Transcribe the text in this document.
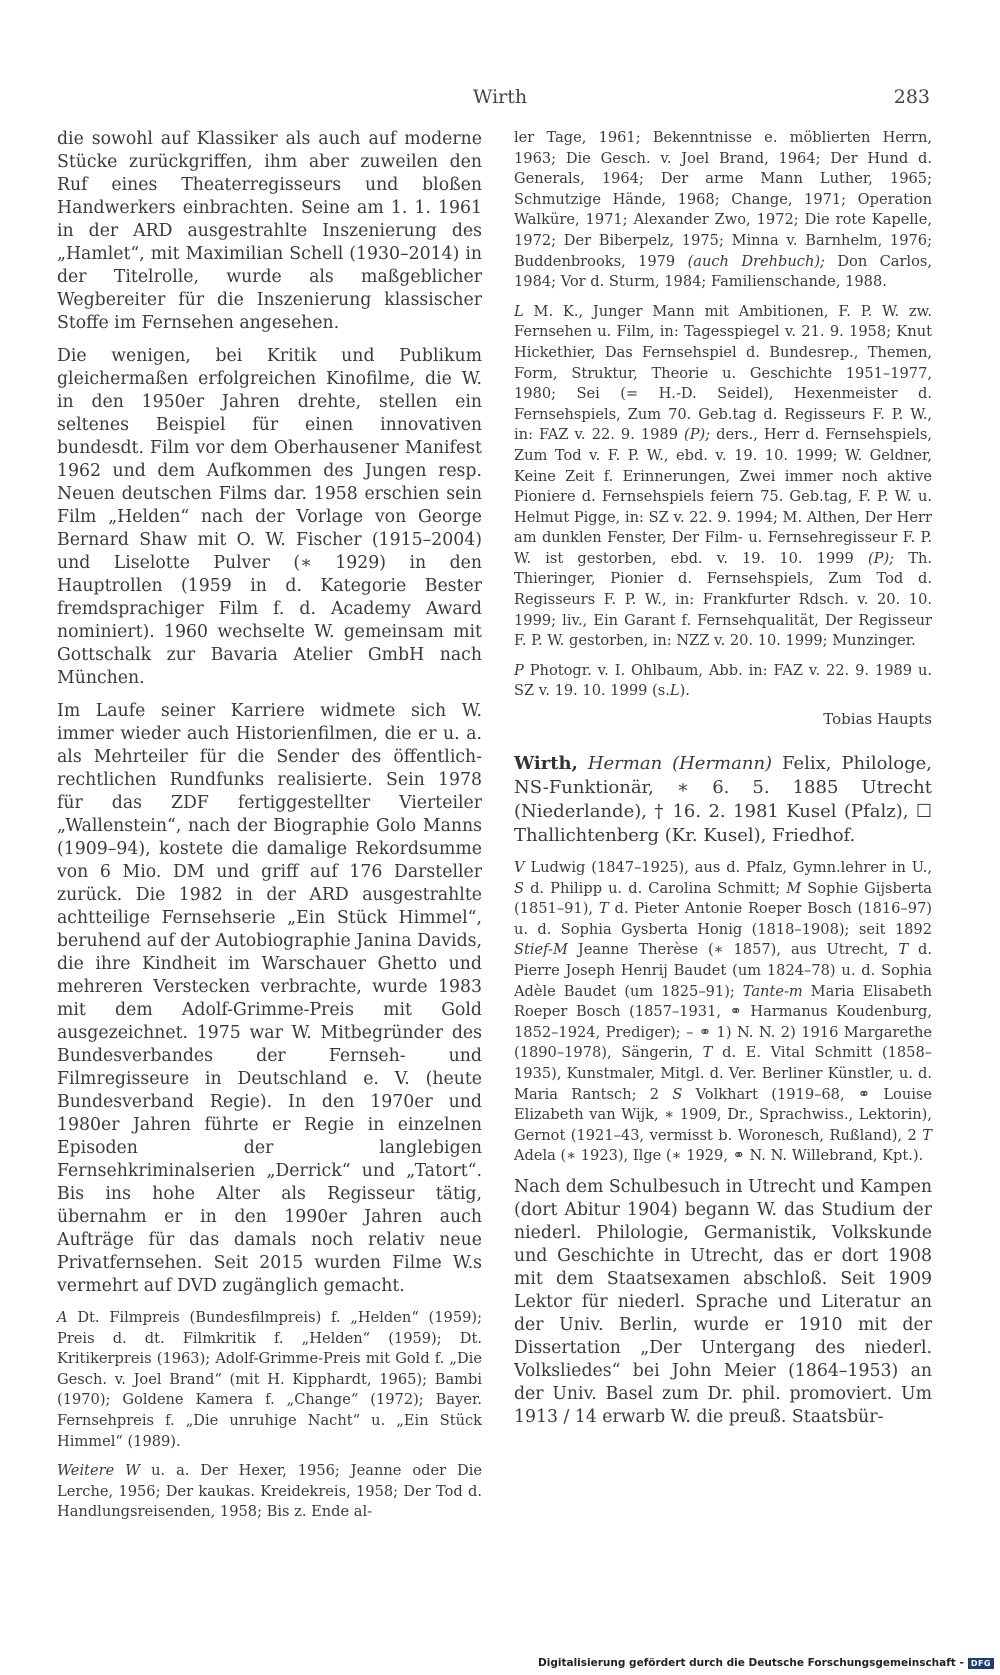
Wirth	283

die sowohl auf Klassiker als auch auf moderne Stücke zurückgriffen, ihm aber zuweilen den Ruf eines Theaterregisseurs und bloßen Handwerkers einbrachten. Seine am 1. 1. 1961 in der ARD ausgestrahlte Inszenierung des „Hamlet“, mit Maximilian Schell (1930–2014) in der Titelrolle, wurde als maßgeblicher Wegbereiter für die Inszenierung klassischer Stoffe im Fernsehen angesehen.

Die wenigen, bei Kritik und Publikum gleichermaßen erfolgreichen Kinofilme, die W. in den 1950er Jahren drehte, stellen ein seltenes Beispiel für einen innovativen bundesdt. Film vor dem Oberhausener Manifest 1962 und dem Aufkommen des Jungen resp. Neuen deutschen Films dar. 1958 erschien sein Film „Helden“ nach der Vorlage von George Bernard Shaw mit O. W. Fischer (1915–2004) und Liselotte Pulver (∗ 1929) in den Hauptrollen (1959 in d. Kategorie Bester fremdsprachiger Film f. d. Academy Award nominiert). 1960 wechselte W. gemeinsam mit Gottschalk zur Bavaria Atelier GmbH nach München.

Im Laufe seiner Karriere widmete sich W. immer wieder auch Historienfilmen, die er u. a. als Mehrteiler für die Sender des öffentlich-rechtlichen Rundfunks realisierte. Sein 1978 für das ZDF fertiggestellter Vierteiler „Wallenstein“, nach der Biographie Golo Manns (1909–94), kostete die damalige Rekordsumme von 6 Mio. DM und griff auf 176 Darsteller zurück. Die 1982 in der ARD ausgestrahlte achtteilige Fernsehserie „Ein Stück Himmel“, beruhend auf der Autobiographie Janina Davids, die ihre Kindheit im Warschauer Ghetto und mehreren Verstecken verbrachte, wurde 1983 mit dem Adolf-Grimme-Preis mit Gold ausgezeichnet. 1975 war W. Mitbegründer des Bundesverbandes der Fernseh- und Filmregisseure in Deutschland e. V. (heute Bundesverband Regie). In den 1970er und 1980er Jahren führte er Regie in einzelnen Episoden der langlebigen Fernsehkriminalserien „Derrick“ und „Tatort“. Bis ins hohe Alter als Regisseur tätig, übernahm er in den 1990er Jahren auch Aufträge für das damals noch relativ neue Privatfernsehen. Seit 2015 wurden Filme W.s vermehrt auf DVD zugänglich gemacht.

A Dt. Filmpreis (Bundesfilmpreis) f. „Helden“ (1959); Preis d. dt. Filmkritik f. „Helden“ (1959); Dt. Kritikerpreis (1963); Adolf-Grimme-Preis mit Gold f. „Die Gesch. v. Joel Brand“ (mit H. Kipphardt, 1965); Bambi (1970); Goldene Kamera f. „Change“ (1972); Bayer. Fernsehpreis f. „Die unruhige Nacht“ u. „Ein Stück Himmel“ (1989).

Weitere W u. a. Der Hexer, 1956; Jeanne oder Die Lerche, 1956; Der kaukas. Kreidekreis, 1958; Der Tod d. Handlungsreisenden, 1958; Bis z. Ende al-

ler Tage, 1961; Bekenntnisse e. möblierten Herrn, 1963; Die Gesch. v. Joel Brand, 1964; Der Hund d. Generals, 1964; Der arme Mann Luther, 1965; Schmutzige Hände, 1968; Change, 1971; Operation Walküre, 1971; Alexander Zwo, 1972; Die rote Kapelle, 1972; Der Biberpelz, 1975; Minna v. Barnhelm, 1976; Buddenbrooks, 1979 (auch Drehbuch); Don Carlos, 1984; Vor d. Sturm, 1984; Familienschande, 1988.

L M. K., Junger Mann mit Ambitionen, F. P. W. zw. Fernsehen u. Film, in: Tagesspiegel v. 21. 9. 1958; Knut Hickethier, Das Fernsehspiel d. Bundesrep., Themen, Form, Struktur, Theorie u. Geschichte 1951–1977, 1980; Sei (= H.-D. Seidel), Hexenmeister d. Fernsehspiels, Zum 70. Geb.tag d. Regisseurs F. P. W., in: FAZ v. 22. 9. 1989 (P); ders., Herr d. Fernsehspiels, Zum Tod v. F. P. W., ebd. v. 19. 10. 1999; W. Geldner, Keine Zeit f. Erinnerungen, Zwei immer noch aktive Pioniere d. Fernsehspiels feiern 75. Geb.tag, F. P. W. u. Helmut Pigge, in: SZ v. 22. 9. 1994; M. Althen, Der Herr am dunklen Fenster, Der Film- u. Fernsehregisseur F. P. W. ist gestorben, ebd. v. 19. 10. 1999 (P); Th. Thieringer, Pionier d. Fernsehspiels, Zum Tod d. Regisseurs F. P. W., in: Frankfurter Rdsch. v. 20. 10. 1999; liv., Ein Garant f. Fernsehqualität, Der Regisseur F. P. W. gestorben, in: NZZ v. 20. 10. 1999; Munzinger.

P Photogr. v. I. Ohlbaum, Abb. in: FAZ v. 22. 9. 1989 u. SZ v. 19. 10. 1999 (s.L).

Tobias Haupts

Wirth, Herman (Hermann) Felix, Philologe, NS-Funktionär, ∗ 6. 5. 1885 Utrecht (Niederlande), † 16. 2. 1981 Kusel (Pfalz), ☐ Thallichtenberg (Kr. Kusel), Friedhof.

V Ludwig (1847–1925), aus d. Pfalz, Gymn.lehrer in U., S d. Philipp u. d. Carolina Schmitt; M Sophie Gijsberta (1851–91), T d. Pieter Antonie Roeper Bosch (1816–97) u. d. Sophia Gysberta Honig (1818–1908); seit 1892 Stief-M Jeanne Therèse (∗ 1857), aus Utrecht, T d. Pierre Joseph Henrij Baudet (um 1824–78) u. d. Sophia Adèle Baudet (um 1825–91); Tante-m Maria Elisabeth Roeper Bosch (1857–1931, ⚭ Harmanus Koudenburg, 1852–1924, Prediger); – ⚭ 1) N. N. 2) 1916 Margarethe (1890–1978), Sängerin, T d. E. Vital Schmitt (1858–1935), Kunstmaler, Mitgl. d. Ver. Berliner Künstler, u. d. Maria Rantsch; 2 S Volkhart (1919–68, ⚭ Louise Elizabeth van Wijk, ∗ 1909, Dr., Sprachwiss., Lektorin), Gernot (1921–43, vermisst b. Woronesch, Rußland), 2 T Adela (∗ 1923), Ilge (∗ 1929, ⚭ N. N. Willebrand, Kpt.).

Nach dem Schulbesuch in Utrecht und Kampen (dort Abitur 1904) begann W. das Studium der niederl. Philologie, Germanistik, Volkskunde und Geschichte in Utrecht, das er dort 1908 mit dem Staatsexamen abschloß. Seit 1909 Lektor für niederl. Sprache und Literatur an der Univ. Berlin, wurde er 1910 mit der Dissertation „Der Untergang des niederl. Volksliedes“ bei John Meier (1864–1953) an der Univ. Basel zum Dr. phil. promoviert. Um 1913 / 14 erwarb W. die preuß. Staatsbür-

Digitalisierung gefördert durch die Deutsche Forschungsgemeinschaft - DFG
